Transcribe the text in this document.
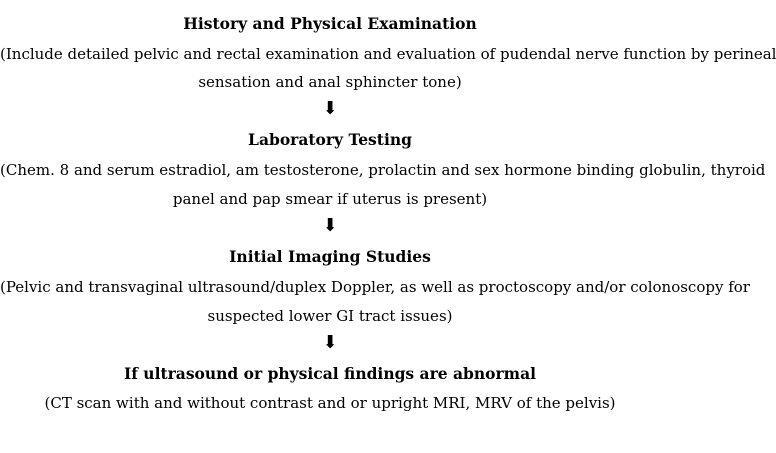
History and Physical Examination
(Include detailed pelvic and rectal examination and evaluation of pudendal nerve function by perineal
sensation and anal sphincter tone)
⬇
Laboratory Testing
(Chem. 8 and serum estradiol, am testosterone, prolactin and sex hormone binding globulin, thyroid
panel and pap smear if uterus is present)
⬇
Initial Imaging Studies
(Pelvic and transvaginal ultrasound/duplex Doppler, as well as proctoscopy and/or colonoscopy for
suspected lower GI tract issues)
⬇
If ultrasound or physical findings are abnormal
(CT scan with and without contrast and or upright MRI, MRV of the pelvis)
